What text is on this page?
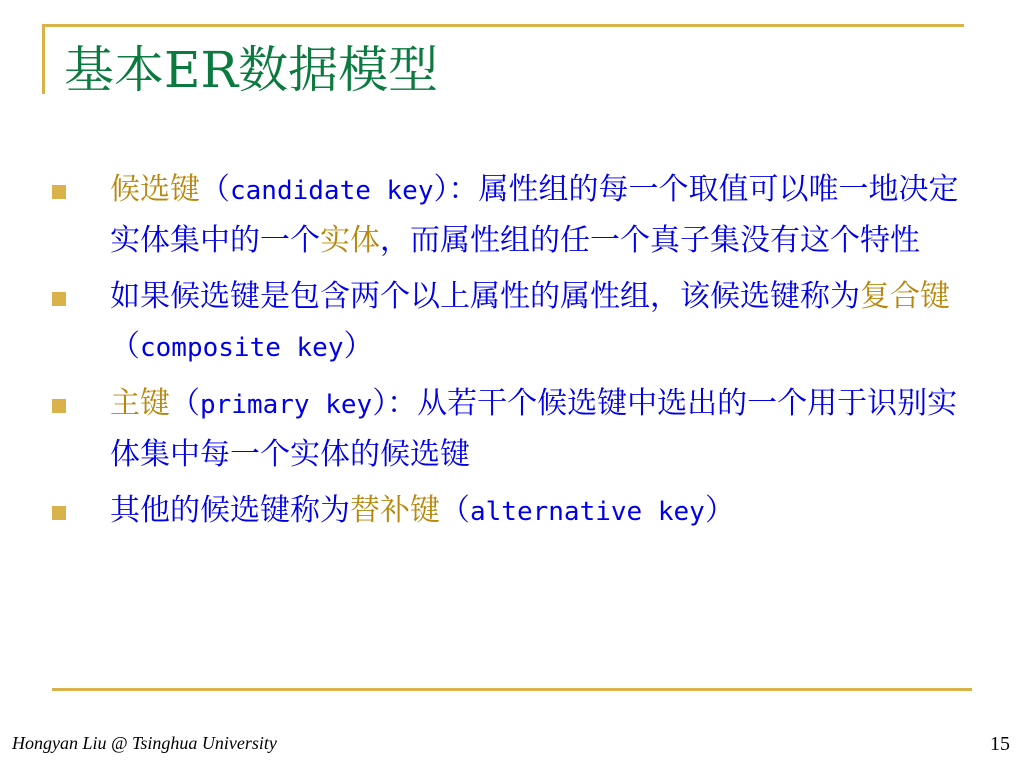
基本ER数据模型
候选键（candidate key）：属性组的每一个取值可以唯一地决定实体集中的一个实体，而属性组的任一个真子集没有这个特性
如果候选键是包含两个以上属性的属性组，该候选键称为复合键（composite key）
主键（primary key）：从若干个候选键中选出的一个用于识别实体集中每一个实体的候选键
其他的候选键称为替补键（alternative key）
Hongyan Liu @ Tsinghua University	15
